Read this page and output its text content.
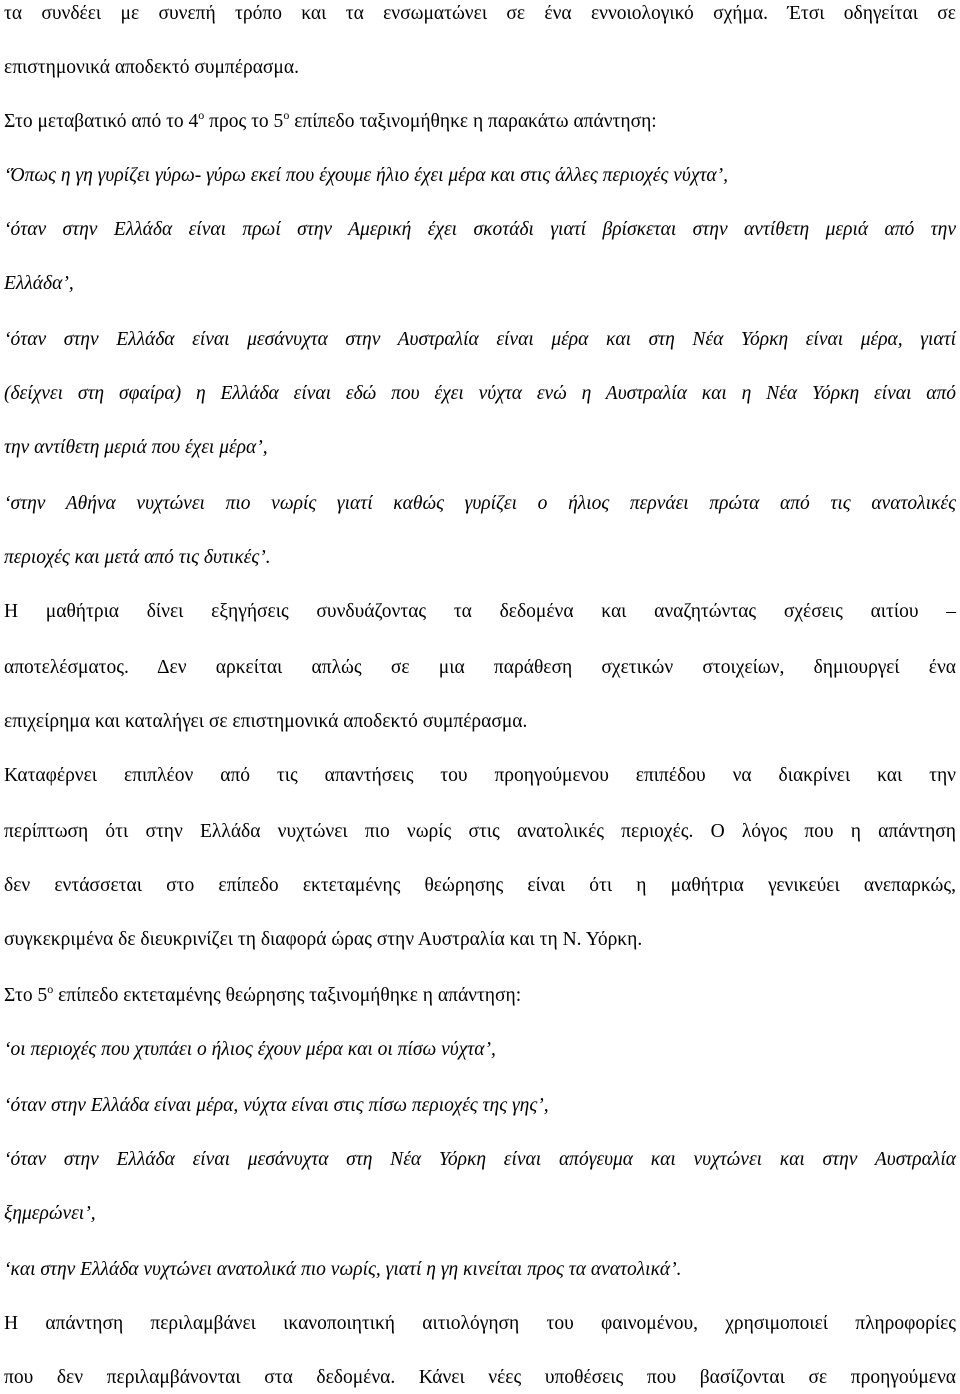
τα συνδέει με συνεπή τρόπο και τα ενσωματώνει σε ένα εννοιολογικό σχήμα. Έτσι οδηγείται σε
επιστημονικά αποδεκτό συμπέρασμα.
Στο μεταβατικό από το $4^o$ προς το $5^o$ επίπεδο ταξινομήθηκε η παρακάτω απάντηση:
‘Όπως η γη γυρίζει γύρω- γύρω εκεί που έχουμε ήλιο έχει μέρα και στις άλλες περιοχές νύχτα’,
‘όταν στην Ελλάδα είναι πρωί στην Αμερική έχει σκοτάδι γιατί βρίσκεται στην αντίθετη μεριά από την
Ελλάδα’,
‘όταν στην Ελλάδα είναι μεσάνυχτα στην Αυστραλία είναι μέρα και στη Νέα Υόρκη είναι μέρα, γιατί
(δείχνει στη σφαίρα) η Ελλάδα είναι εδώ που έχει νύχτα ενώ η Αυστραλία και η Νέα Υόρκη είναι από
την αντίθετη μεριά που έχει μέρα’,
‘στην Αθήνα νυχτώνει πιο νωρίς γιατί καθώς γυρίζει ο ήλιος περνάει πρώτα από τις ανατολικές
περιοχές και μετά από τις δυτικές’.
Η μαθήτρια δίνει εξηγήσεις συνδυάζοντας τα δεδομένα και αναζητώντας σχέσεις αιτίου –
αποτελέσματος. Δεν αρκείται απλώς σε μια παράθεση σχετικών στοιχείων, δημιουργεί ένα
επιχείρημα και καταλήγει σε επιστημονικά αποδεκτό συμπέρασμα.
Καταφέρνει επιπλέον από τις απαντήσεις του προηγούμενου επιπέδου να διακρίνει και την
περίπτωση ότι στην Ελλάδα νυχτώνει πιο νωρίς στις ανατολικές περιοχές. Ο λόγος που η απάντηση
δεν εντάσσεται στο επίπεδο εκτεταμένης θεώρησης είναι ότι η μαθήτρια γενικεύει ανεπαρκώς,
συγκεκριμένα δε διευκρινίζει τη διαφορά ώρας στην Αυστραλία και τη Ν. Υόρκη.
Στο $5^o$ επίπεδο εκτεταμένης θεώρησης ταξινομήθηκε η απάντηση:
‘οι περιοχές που χτυπάει ο ήλιος έχουν μέρα και οι πίσω νύχτα’,
‘όταν στην Ελλάδα είναι μέρα, νύχτα είναι στις πίσω περιοχές της γης’,
‘όταν στην Ελλάδα είναι μεσάνυχτα στη Νέα Υόρκη είναι απόγευμα και νυχτώνει και στην Αυστραλία
ξημερώνει’,
‘και στην Ελλάδα νυχτώνει ανατολικά πιο νωρίς, γιατί η γη κινείται προς τα ανατολικά’.
Η απάντηση περιλαμβάνει ικανοποιητική αιτιολόγηση του φαινομένου, χρησιμοποιεί πληροφορίες
που δεν περιλαμβάνονται στα δεδομένα. Κάνει νέες υποθέσεις που βασίζονται σε προηγούμενα
